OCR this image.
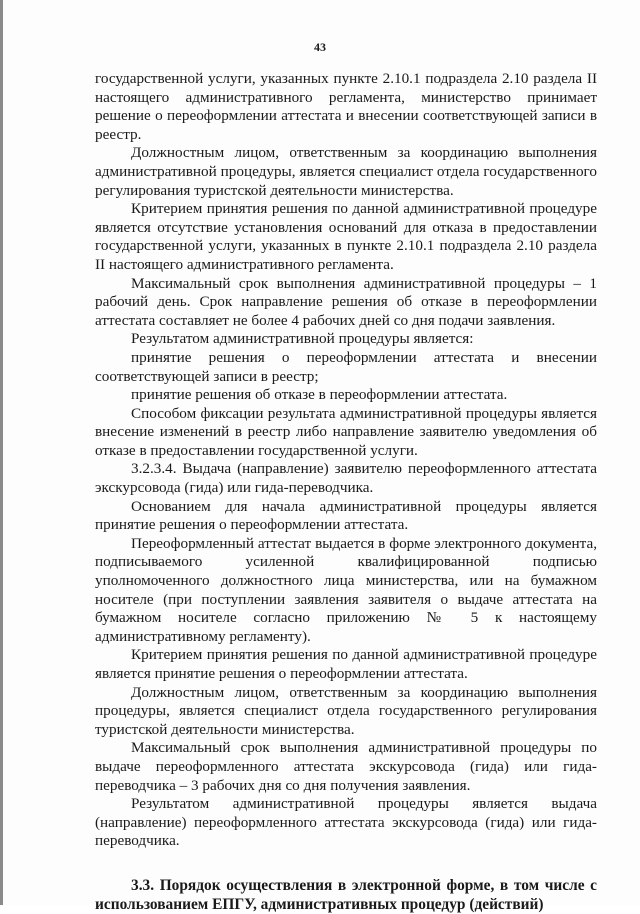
43

государственной услуги, указанных пункте 2.10.1 подраздела 2.10 раздела II настоящего административного регламента, министерство принимает решение о переоформлении аттестата и внесении соответствующей записи в реестр.

Должностным лицом, ответственным за координацию выполнения административной процедуры, является специалист отдела государственного регулирования туристской деятельности министерства.

Критерием принятия решения по данной административной процедуре является отсутствие установления оснований для отказа в предоставлении государственной услуги, указанных в пункте 2.10.1 подраздела 2.10 раздела II настоящего административного регламента.

Максимальный срок выполнения административной процедуры – 1 рабочий день. Срок направление решения об отказе в переоформлении аттестата составляет не более 4 рабочих дней со дня подачи заявления.

Результатом административной процедуры является:

принятие решения о переоформлении аттестата и внесении соответствующей записи в реестр;

принятие решения об отказе в переоформлении аттестата.

Способом фиксации результата административной процедуры является внесение изменений в реестр либо направление заявителю уведомления об отказе в предоставлении государственной услуги.

3.2.3.4. Выдача (направление) заявителю переоформленного аттестата экскурсовода (гида) или гида-переводчика.

Основанием для начала административной процедуры является принятие решения о переоформлении аттестата.

Переоформленный аттестат выдается в форме электронного документа, подписываемого усиленной квалифицированной подписью уполномоченного должностного лица министерства, или на бумажном носителе (при поступлении заявления заявителя о выдаче аттестата на бумажном носителе согласно приложению № 5 к настоящему административному регламенту).

Критерием принятия решения по данной административной процедуре является принятие решения о переоформлении аттестата.

Должностным лицом, ответственным за координацию выполнения процедуры, является специалист отдела государственного регулирования туристской деятельности министерства.

Максимальный срок выполнения административной процедуры по выдаче переоформленного аттестата экскурсовода (гида) или гида-переводчика – 3 рабочих дня со дня получения заявления.

Результатом административной процедуры является выдача (направление) переоформленного аттестата экскурсовода (гида) или гида-переводчика.

3.3. Порядок осуществления в электронной форме, в том числе с использованием ЕПГУ, административных процедур (действий)
